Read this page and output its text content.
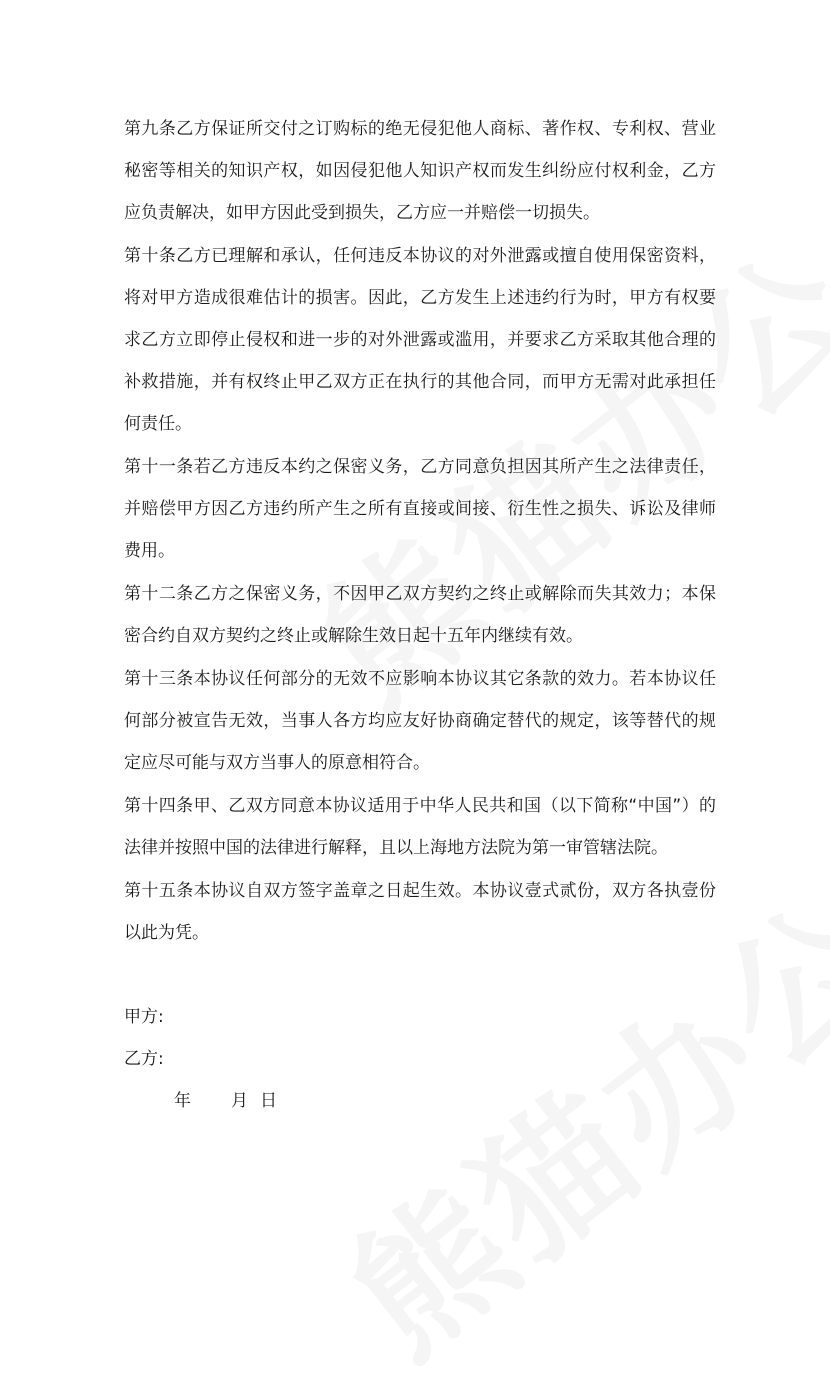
第九条乙方保证所交付之订购标的绝无侵犯他人商标、著作权、专利权、营业秘密等相关的知识产权，如因侵犯他人知识产权而发生纠纷应付权利金，乙方应负责解决，如甲方因此受到损失，乙方应一并赔偿一切损失。

第十条乙方已理解和承认，任何违反本协议的对外泄露或擅自使用保密资料，将对甲方造成很难估计的损害。因此，乙方发生上述违约行为时，甲方有权要求乙方立即停止侵权和进一步的对外泄露或滥用，并要求乙方采取其他合理的补救措施，并有权终止甲乙双方正在执行的其他合同，而甲方无需对此承担任何责任。

第十一条若乙方违反本约之保密义务，乙方同意负担因其所产生之法律责任，并赔偿甲方因乙方违约所产生之所有直接或间接、衍生性之损失、诉讼及律师费用。

第十二条乙方之保密义务，不因甲乙双方契约之终止或解除而失其效力；本保密合约自双方契约之终止或解除生效日起十五年内继续有效。

第十三条本协议任何部分的无效不应影响本协议其它条款的效力。若本协议任何部分被宣告无效，当事人各方均应友好协商确定替代的规定，该等替代的规定应尽可能与双方当事人的原意相符合。

第十四条甲、乙双方同意本协议适用于中华人民共和国（以下简称“中国”）的法律并按照中国的法律进行解释，且以上海地方法院为第一审管辖法院。

第十五条本协议自双方签字盖章之日起生效。本协议壹式贰份，双方各执壹份以此为凭。

甲方:

乙方:

年 月 日
